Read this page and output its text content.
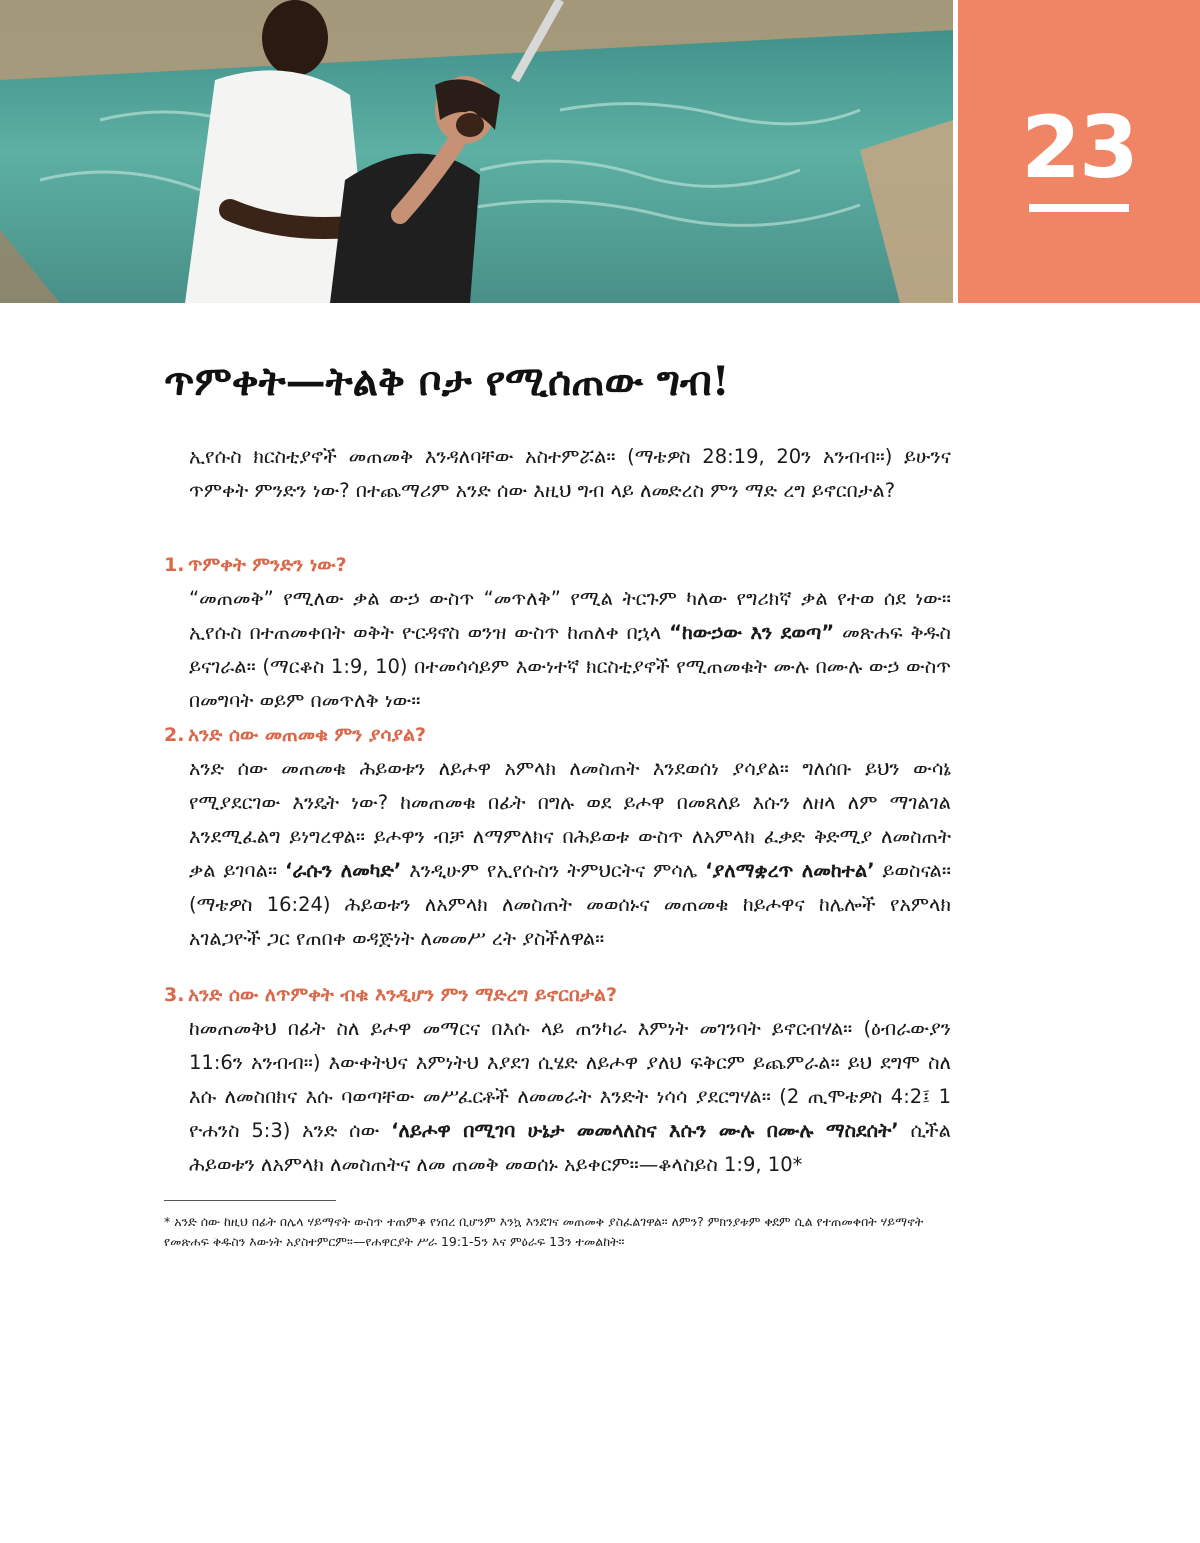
23
ጥምቀት—ትልቅ ቦታ የሚሰጠው ግብ!

ኢየሱስ ክርስቲያኖች መጠመቅ እንዳለባቸው አስተምሯል። (ማቴዎስ 28:19, 20ን አንብብ።) ይሁንና ጥምቀት ምንድን ነው? በተጨማሪም አንድ ሰው እዚህ ግብ ላይ ለመድረስ ምን ማድ ረግ ይኖርበታል?

1. ጥምቀት ምንድን ነው?

“መጠመቅ” የሚለው ቃል ውኃ ውስጥ “መጥለቅ” የሚል ትርጉም ካለው የግሪክኛ ቃል የተወ ሰደ ነው። ኢየሱስ በተጠመቀበት ወቅት ዮርዳኖስ ወንዝ ውስጥ ከጠለቀ በኋላ “ከውኃው እን ደወጣ” መጽሐፍ ቅዱስ ይናገራል። (ማርቆስ 1:9, 10) በተመሳሳይም እውነተኛ ክርስቲያኖች የሚጠመቁት ሙሉ በሙሉ ውኃ ውስጥ በመግባት ወይም በመጥለቅ ነው።

2. አንድ ሰው መጠመቁ ምን ያሳያል?

አንድ ሰው መጠመቁ ሕይወቱን ለይሖዋ አምላክ ለመስጠት እንደወሰነ ያሳያል። ግለሰቡ ይህን ውሳኔ የሚያደርገው እንዴት ነው? ከመጠመቁ በፊት በግሉ ወደ ይሖዋ በመጸለይ እሱን ለዘላ ለም ማገልገል እንደሚፈልግ ይነግረዋል። ይሖዋን ብቻ ለማምለክና በሕይወቱ ውስጥ ለአምላክ ፈቃድ ቅድሚያ ለመስጠት ቃል ይገባል። ‘ራሱን ለመካድ’ እንዲሁም የኢየሱስን ትምህርትና ምሳሌ ‘ያለማቋረጥ ለመከተል’ ይወስናል። (ማቴዎስ 16:24) ሕይወቱን ለአምላክ ለመስጠት መወሰኑና መጠመቁ ከይሖዋና ከሌሎች የአምላክ አገልጋዮች ጋር የጠበቀ ወዳጅነት ለመመሥ ረት ያስችለዋል።

3. አንድ ሰው ለጥምቀት ብቁ እንዲሆን ምን ማድረግ ይኖርበታል?

ከመጠመቅህ በፊት ስለ ይሖዋ መማርና በእሱ ላይ ጠንካራ እምነት መገንባት ይኖርብሃል። (ዕብራውያን 11:6ን አንብብ።) እውቀትህና እምነትህ እያደገ ሲሄድ ለይሖዋ ያለህ ፍቅርም ይጨምራል። ይህ ደግሞ ስለ እሱ ለመስበክና እሱ ባወጣቸው መሥፈርቶች ለመመራት እንድት ነሳሳ ያደርግሃል። (2 ጢሞቴዎስ 4:2፤ 1 ዮሐንስ 5:3) አንድ ሰው ‘ለይሖዋ በሚገባ ሁኔታ መመላለስና እሱን ሙሉ በሙሉ ማስደሰት’ ሲችል ሕይወቱን ለአምላክ ለመስጠትና ለመ ጠመቅ መወሰኑ አይቀርም።—ቆላስይስ 1:9, 10*

* አንድ ሰው ከዚህ በፊት በሌላ ሃይማኖት ውስጥ ተጠምቆ የነበረ ቢሆንም እንኳ እንደገና መጠመቅ ያስፈልገዋል። ለምን? ምክንያቱም ቀደም ሲል የተጠመቀበት ሃይማኖት የመጽሐፍ ቅዱስን እውነት አያስተምርም።—የሐዋርያት ሥራ 19:1-5ን እና ምዕራፍ 13ን ተመልከት።
